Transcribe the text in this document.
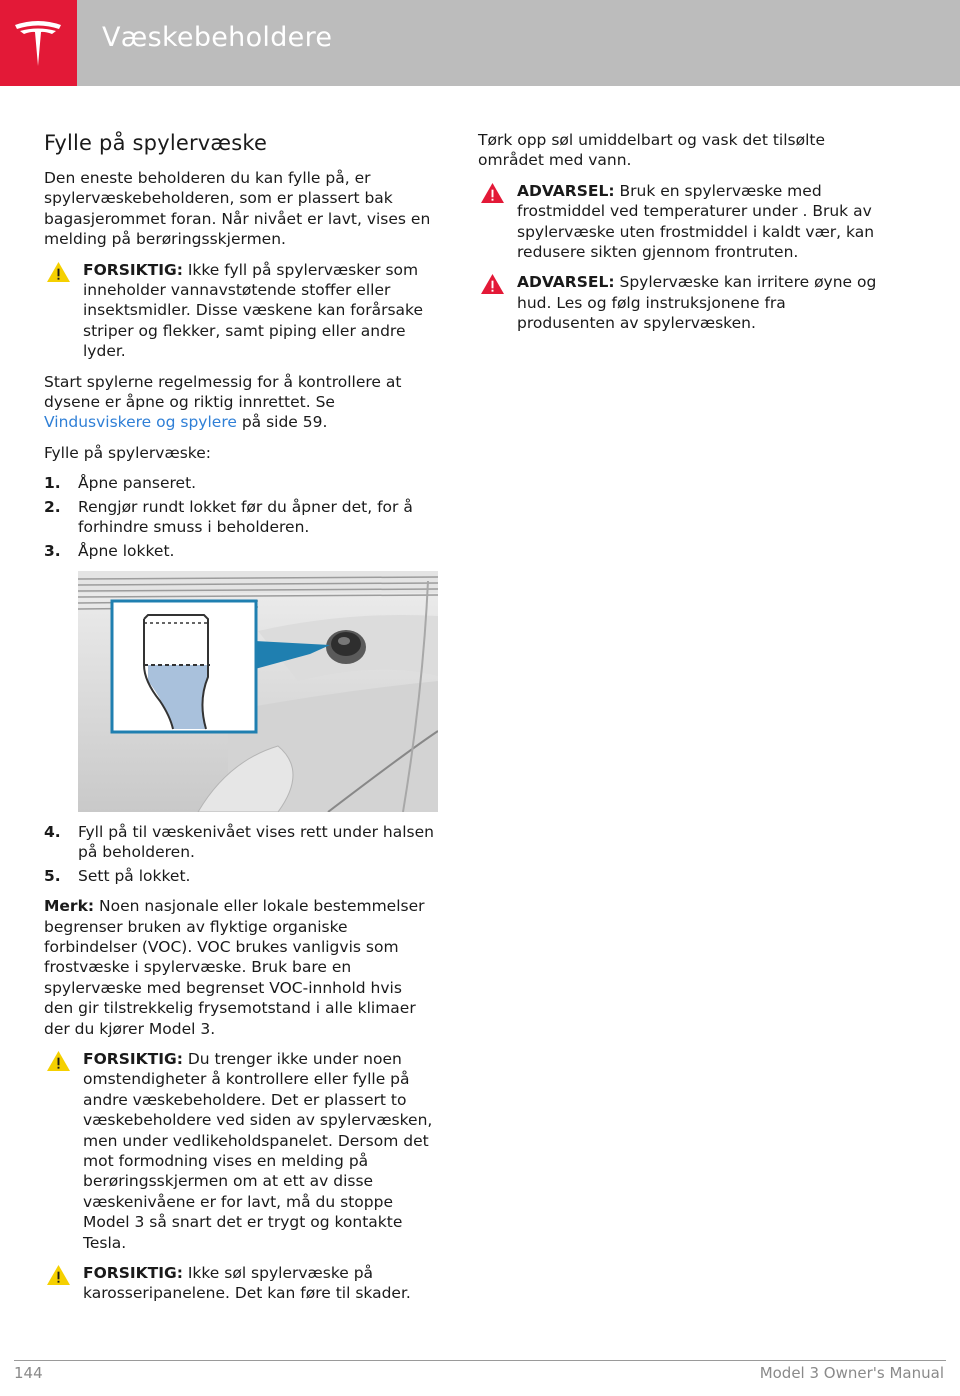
Væskebeholdere
Fylle på spylervæske

Den eneste beholderen du kan fylle på, er spylervæskebeholderen, som er plassert bak bagasjerommet foran. Når nivået er lavt, vises en melding på berøringsskjermen.

FORSIKTIG: Ikke fyll på spylervæsker som inneholder vannavstøtende stoffer eller insektsmidler. Disse væskene kan forårsake striper og flekker, samt piping eller andre lyder.

Start spylerne regelmessig for å kontrollere at dysene er åpne og riktig innrettet. Se Vindusviskere og spylere på side 59.

Fylle på spylervæske:

1. Åpne panseret.
2. Rengjør rundt lokket før du åpner det, for å forhindre smuss i beholderen.
3. Åpne lokket.
4. Fyll på til væskenivået vises rett under halsen på beholderen.
5. Sett på lokket.

Merk: Noen nasjonale eller lokale bestemmelser begrenser bruken av flyktige organiske forbindelser (VOC). VOC brukes vanligvis som frostvæske i spylervæske. Bruk bare en spylervæske med begrenset VOC-innhold hvis den gir tilstrekkelig frysemotstand i alle klimaer der du kjører Model 3.

FORSIKTIG: Du trenger ikke under noen omstendigheter å kontrollere eller fylle på andre væskebeholdere. Det er plassert to væskebeholdere ved siden av spylervæsken, men under vedlikeholdspanelet. Dersom det mot formodning vises en melding på berøringsskjermen om at ett av disse væskenivåene er for lavt, må du stoppe Model 3 så snart det er trygt og kontakte Tesla.
FORSIKTIG: Ikke søl spylervæske på karosseripanelene. Det kan føre til skader.

Tørk opp søl umiddelbart og vask det tilsølte området med vann.

ADVARSEL: Bruk en spylervæske med frostmiddel ved temperaturer under . Bruk av spylervæske uten frostmiddel i kaldt vær, kan redusere sikten gjennom frontruten.
ADVARSEL: Spylervæske kan irritere øyne og hud. Les og følg instruksjonene fra produsenten av spylervæsken.
144	Model 3 Owner's Manual
